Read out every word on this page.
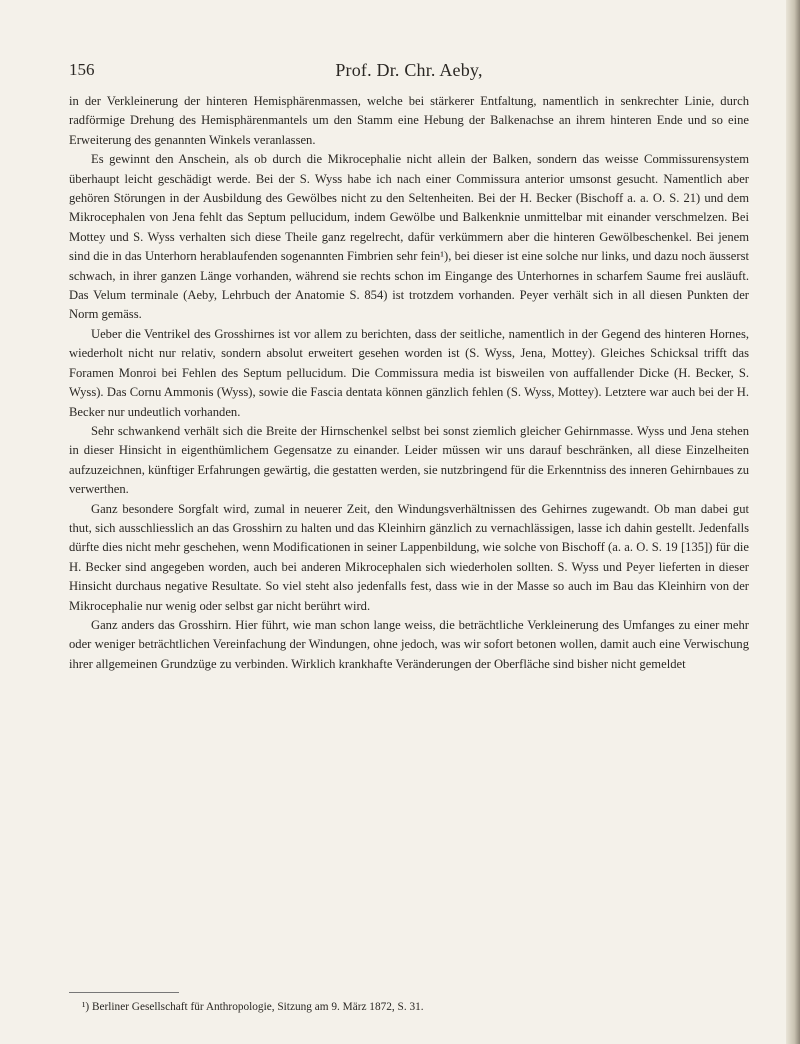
156	Prof. Dr. Chr. Aeby,

in der Verkleinerung der hinteren Hemisphärenmassen, welche bei stärkerer Entfaltung, namentlich in senkrechter Linie, durch radförmige Drehung des Hemisphärenmantels um den Stamm eine Hebung der Balkenachse an ihrem hinteren Ende und so eine Erweiterung des genannten Winkels veranlassen.

Es gewinnt den Anschein, als ob durch die Mikrocephalie nicht allein der Balken, sondern das weisse Commissurensystem überhaupt leicht geschädigt werde. Bei der S. Wyss habe ich nach einer Commissura anterior umsonst gesucht. Namentlich aber gehören Störungen in der Ausbildung des Gewölbes nicht zu den Seltenheiten. Bei der H. Becker (Bischoff a. a. O. S. 21) und dem Mikrocephalen von Jena fehlt das Septum pellucidum, indem Gewölbe und Balkenknie unmittelbar mit einander verschmelzen. Bei Mottey und S. Wyss verhalten sich diese Theile ganz regelrecht, dafür verkümmern aber die hinteren Gewölbeschenkel. Bei jenem sind die in das Unterhorn herablaufenden sogenannten Fimbrien sehr fein¹), bei dieser ist eine solche nur links, und dazu noch äusserst schwach, in ihrer ganzen Länge vorhanden, während sie rechts schon im Eingange des Unterhornes in scharfem Saume frei ausläuft. Das Velum terminale (Aeby, Lehrbuch der Anatomie S. 854) ist trotzdem vorhanden. Peyer verhält sich in all diesen Punkten der Norm gemäss.

Ueber die Ventrikel des Grosshirnes ist vor allem zu berichten, dass der seitliche, namentlich in der Gegend des hinteren Hornes, wiederholt nicht nur relativ, sondern absolut erweitert gesehen worden ist (S. Wyss, Jena, Mottey). Gleiches Schicksal trifft das Foramen Monroi bei Fehlen des Septum pellucidum. Die Commissura media ist bisweilen von auffallender Dicke (H. Becker, S. Wyss). Das Cornu Ammonis (Wyss), sowie die Fascia dentata können gänzlich fehlen (S. Wyss, Mottey). Letztere war auch bei der H. Becker nur undeutlich vorhanden.

Sehr schwankend verhält sich die Breite der Hirnschenkel selbst bei sonst ziemlich gleicher Gehirnmasse. Wyss und Jena stehen in dieser Hinsicht in eigenthümlichem Gegensatze zu einander. Leider müssen wir uns darauf beschränken, all diese Einzelheiten aufzuzeichnen, künftiger Erfahrungen gewärtig, die gestatten werden, sie nutzbringend für die Erkenntniss des inneren Gehirnbaues zu verwerthen.

Ganz besondere Sorgfalt wird, zumal in neuerer Zeit, den Windungsverhältnissen des Gehirnes zugewandt. Ob man dabei gut thut, sich ausschliesslich an das Grosshirn zu halten und das Kleinhirn gänzlich zu vernachlässigen, lasse ich dahin gestellt. Jedenfalls dürfte dies nicht mehr geschehen, wenn Modificationen in seiner Lappenbildung, wie solche von Bischoff (a. a. O. S. 19 [135]) für die H. Becker sind angegeben worden, auch bei anderen Mikrocephalen sich wiederholen sollten. S. Wyss und Peyer lieferten in dieser Hinsicht durchaus negative Resultate. So viel steht also jedenfalls fest, dass wie in der Masse so auch im Bau das Kleinhirn von der Mikrocephalie nur wenig oder selbst gar nicht berührt wird.

Ganz anders das Grosshirn. Hier führt, wie man schon lange weiss, die beträchtliche Verkleinerung des Umfanges zu einer mehr oder weniger beträchtlichen Vereinfachung der Windungen, ohne jedoch, was wir sofort betonen wollen, damit auch eine Verwischung ihrer allgemeinen Grundzüge zu verbinden. Wirklich krankhafte Veränderungen der Oberfläche sind bisher nicht gemeldet

¹) Berliner Gesellschaft für Anthropologie, Sitzung am 9. März 1872, S. 31.
